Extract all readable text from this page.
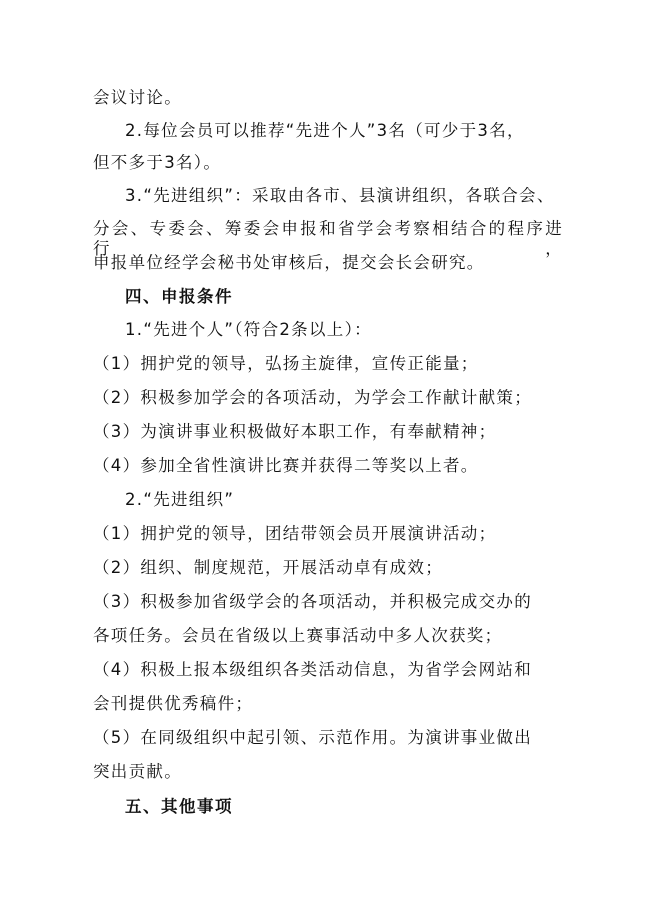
会议讨论。
2.每位会员可以推荐“先进个人”3名（可少于3名，
但不多于3名）。
3.“先进组织”：采取由各市、县演讲组织，各联合会、
分会、专委会、筹委会申报和省学会考察相结合的程序进行，
申报单位经学会秘书处审核后，提交会长会研究。
四、申报条件
1.“先进个人”（符合2条以上）：
（1）拥护党的领导，弘扬主旋律，宣传正能量；
（2）积极参加学会的各项活动，为学会工作献计献策；
（3）为演讲事业积极做好本职工作，有奉献精神；
（4）参加全省性演讲比赛并获得二等奖以上者。
2.“先进组织”
（1）拥护党的领导，团结带领会员开展演讲活动；
（2）组织、制度规范，开展活动卓有成效；
（3）积极参加省级学会的各项活动，并积极完成交办的
各项任务。会员在省级以上赛事活动中多人次获奖；
（4）积极上报本级组织各类活动信息，为省学会网站和
会刊提供优秀稿件；
（5）在同级组织中起引领、示范作用。为演讲事业做出
突出贡献。
五、其他事项
